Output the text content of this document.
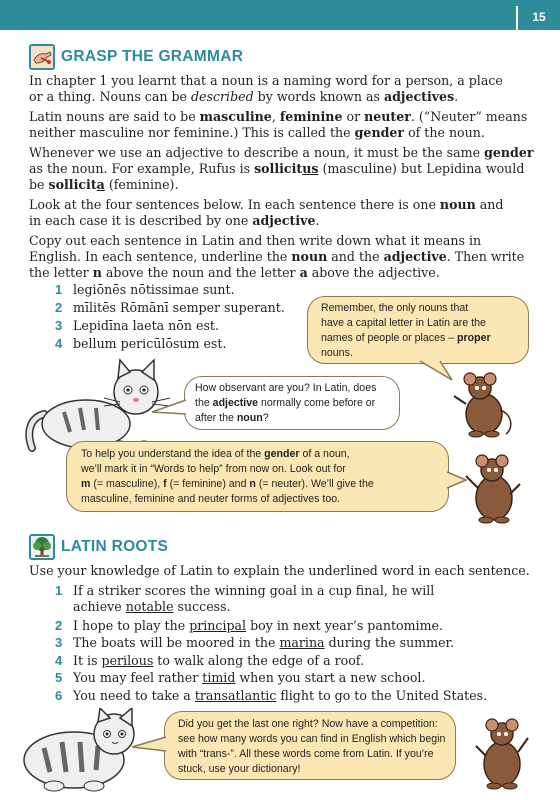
15
GRASP THE GRAMMAR

In chapter 1 you learnt that a noun is a naming word for a person, a place
or a thing. Nouns can be described by words known as adjectives.

Latin nouns are said to be masculine, feminine or neuter. (“Neuter” means
neither masculine nor feminine.) This is called the gender of the noun.

Whenever we use an adjective to describe a noun, it must be the same gender
as the noun. For example, Rufus is sollicitus (masculine) but Lepidina would
be sollicita (feminine).

Look at the four sentences below. In each sentence there is one noun and
in each case it is described by one adjective.

Copy out each sentence in Latin and then write down what it means in
English. In each sentence, underline the noun and the adjective. Then write
the letter n above the noun and the letter a above the adjective.

1 legiōnēs nōtissimae sunt.
2 mīlitēs Rōmānī semper superant.
3 Lepidīna laeta nōn est.
4 bellum pericūlōsum est.
Remember, the only nouns that
have a capital letter in Latin are the
names of people or places – proper
nouns.
How observant are you? In Latin, does
the adjective normally come before or
after the noun?
To help you understand the idea of the gender of a noun,
we’ll mark it in “Words to help” from now on. Look out for
m (= masculine), f (= feminine) and n (= neuter). We’ll give the
masculine, feminine and neuter forms of adjectives too.
LATIN ROOTS

Use your knowledge of Latin to explain the underlined word in each sentence.

1 If a striker scores the winning goal in a cup final, he will
achieve notable success.
2 I hope to play the principal boy in next year’s pantomime.
3 The boats will be moored in the marina during the summer.
4 It is perilous to walk along the edge of a roof.
5 You may feel rather timid when you start a new school.
6 You need to take a transatlantic flight to go to the United States.
Did you get the last one right? Now have a competition:
see how many words you can find in English which begin
with “trans-”. All these words come from Latin. If you’re
stuck, use your dictionary!
